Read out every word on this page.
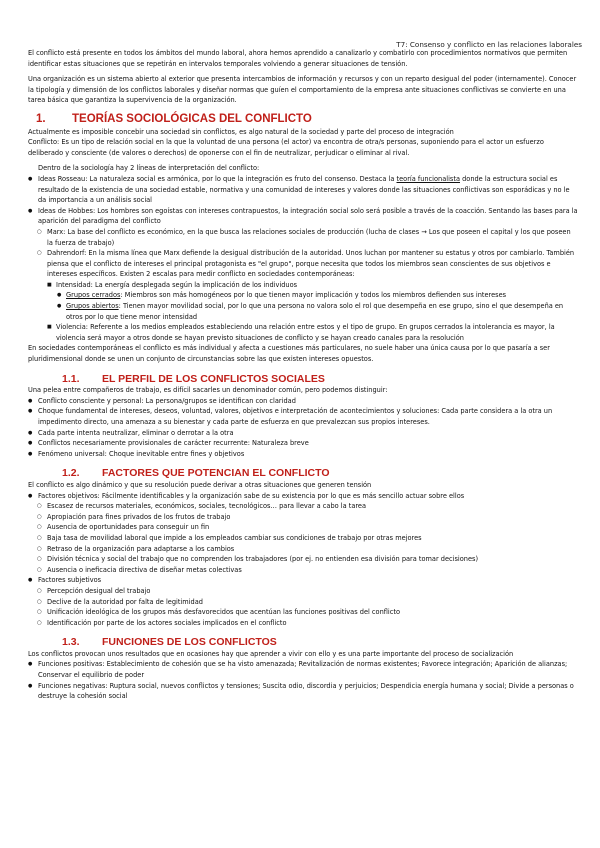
T7: Consenso y conflicto en las relaciones laborales

El conflicto está presente en todos los ámbitos del mundo laboral, ahora hemos aprendido a canalizarlo y combatirlo con procedimientos normativos que permiten identificar estas situaciones que se repetirán en intervalos temporales volviendo a generar situaciones de tensión.

Una organización es un sistema abierto al exterior que presenta intercambios de información y recursos y con un reparto desigual del poder (internamente). Conocer la tipología y dimensión de los conflictos laborales y diseñar normas que guíen el comportamiento de la empresa ante situaciones conflictivas se convierte en una tarea básica que garantiza la supervivencia de la organización.

1.	TEORÍAS SOCIOLÓGICAS DEL CONFLICTO
Actualmente es imposible concebir una sociedad sin conflictos, es algo natural de la sociedad y parte del proceso de integración

Conflicto: Es un tipo de relación social en la que la voluntad de una persona (el actor) va encontra de otra/s personas, suponiendo para el actor un esfuerzo deliberado y consciente (de valores o derechos) de oponerse con el fin de neutralizar, perjudicar o eliminar al rival.

Dentro de la sociología hay 2 líneas de interpretación del conflicto:
● Ideas Rosseau: La naturaleza social es armónica, por lo que la integración es fruto del consenso. Destaca la teoría funcionalista donde la estructura social es resultado de la existencia de una sociedad estable, normativa y una comunidad de intereses y valores donde las situaciones conflictivas son esporádicas y no le da importancia a un análisis social
● Ideas de Hobbes: Los hombres son egoístas con intereses contrapuestos, la integración social solo será posible a través de la coacción. Sentando las bases para la aparición del paradigma del conflicto
○ Marx: La base del conflicto es económico, en la que busca las relaciones sociales de producción (lucha de clases → Los que poseen el capital y los que poseen la fuerza de trabajo)
○ Dahrendorf: En la misma línea que Marx defiende la desigual distribución de la autoridad. Unos luchan por mantener su estatus y otros por cambiarlo. También piensa que el conflicto de intereses el principal protagonista es "el grupo", porque necesita que todos los miembros sean conscientes de sus objetivos e intereses específicos. Existen 2 escalas para medir conflicto en sociedades contemporáneas:
■ Intensidad: La energía desplegada según la implicación de los individuos
● Grupos cerrados: Miembros son más homogéneos por lo que tienen mayor implicación y todos los miembros defienden sus intereses
● Grupos abiertos: Tienen mayor movilidad social, por lo que una persona no valora solo el rol que desempeña en ese grupo, sino el que desempeña en otros por lo que tiene menor intensidad
■ Violencia: Referente a los medios empleados estableciendo una relación entre estos y el tipo de grupo. En grupos cerrados la intolerancia es mayor, la violencia será mayor a otros donde se hayan previsto situaciones de conflicto y se hayan creado canales para la resolución
En sociedades contemporáneas el conflicto es más individual y afecta a cuestiones más particulares, no suele haber una única causa por lo que pasaría a ser pluridimensional donde se unen un conjunto de circunstancias sobre las que existen intereses opuestos.
1.1.	EL PERFIL DE LOS CONFLICTOS SOCIALES
Una pelea entre compañeros de trabajo, es difícil sacarles un denominador común, pero podemos distinguir:
● Conflicto consciente y personal: La persona/grupos se identifican con claridad
● Choque fundamental de intereses, deseos, voluntad, valores, objetivos e interpretación de acontecimientos y soluciones: Cada parte considera a la otra un impedimento directo, una amenaza a su bienestar y cada parte de esfuerza en que prevalezcan sus propios intereses.
● Cada parte intenta neutralizar, eliminar o derrotar a la otra
● Conflictos necesariamente provisionales de carácter recurrente: Naturaleza breve
● Fenómeno universal: Choque inevitable entre fines y objetivos
1.2.	FACTORES QUE POTENCIAN EL CONFLICTO
El conflicto es algo dinámico y que su resolución puede derivar a otras situaciones que generen tensión
● Factores objetivos: Fácilmente identificables y la organización sabe de su existencia por lo que es más sencillo actuar sobre ellos
○ Escasez de recursos materiales, económicos, sociales, tecnológicos… para llevar a cabo la tarea
○ Apropiación para fines privados de los frutos de trabajo
○ Ausencia de oportunidades para conseguir un fin
○ Baja tasa de movilidad laboral que impide a los empleados cambiar sus condiciones de trabajo por otras mejores
○ Retraso de la organización para adaptarse a los cambios
○ División técnica y social del trabajo que no comprenden los trabajadores (por ej. no entienden esa división para tomar decisiones)
○ Ausencia o ineficacia directiva de diseñar metas colectivas
● Factores subjetivos
○ Percepción desigual del trabajo
○ Declive de la autoridad por falta de legitimidad
○ Unificación ideológica de los grupos más desfavorecidos que acentúan las funciones positivas del conflicto
○ Identificación por parte de los actores sociales implicados en el conflicto
1.3.	FUNCIONES DE LOS CONFLICTOS
Los conflictos provocan unos resultados que en ocasiones hay que aprender a vivir con ello y es una parte importante del proceso de socialización
● Funciones positivas: Establecimiento de cohesión que se ha visto amenazada; Revitalización de normas existentes; Favorece integración; Aparición de alianzas; Conservar el equilibrio de poder
● Funciones negativas: Ruptura social, nuevos conflictos y tensiones; Suscita odio, discordia y perjuicios; Despendicia energía humana y social; Divide a personas o destruye la cohesión social
